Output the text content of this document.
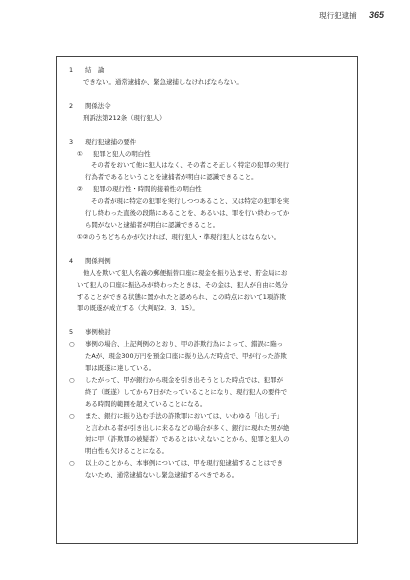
現行犯逮捕 365
1 結　論
できない。通常逮捕か、緊急逮捕しなければならない。
2 関係法令
刑訴法第212条（現行犯人）
3 現行犯逮捕の要件
① 犯罪と犯人の明白性
その者をおいて他に犯人はなく、その者こそ正しく特定の犯罪の実行
行為者であるということを逮捕者が明白に認識できること。
② 犯罪の現行性・時間的接着性の明白性
その者が現に特定の犯罪を実行しつつあること、又は特定の犯罪を実
行し終わった直後の段階にあることを、あるいは、罪を行い終わってか
ら間がないと逮捕者が明白に認識できること。
①②のうちどちらかが欠ければ、現行犯人・準現行犯人とはならない。
4 関係判例
他人を欺いて犯人名義の郵便振替口座に現金を振り込ませ、貯金局にお
いて犯人の口座に振込みが終わったときは、その金は、犯人が自由に処分
することができる状態に置かれたと認められ、この時点において1項詐欺
罪の既遂が成立する（大判昭2．3．15）。
5 事例検討
○ 事例の場合、上記判例のとおり、甲の詐欺行為によって、錯誤に陥っ
たAが、現金300万円を預金口座に振り込んだ時点で、甲が行った詐欺
罪は既遂に達している。
○ したがって、甲が銀行から現金を引き出そうとした時点では、犯罪が
終了（既遂）してから7日がたっていることになり、現行犯人の要件で
ある時間的範囲を超えていることになる。
○ また、銀行に振り込む手法の詐欺罪においては、いわゆる「出し子」
と言われる者が引き出しに来るなどの場合が多く、銀行に現れた男が絶
対に甲（詐欺罪の被疑者）であるとはいえないことから、犯罪と犯人の
明白性も欠けることになる。
○ 以上のことから、本事例については、甲を現行犯逮捕することはでき
ないため、通常逮捕ないし緊急逮捕するべきである。
